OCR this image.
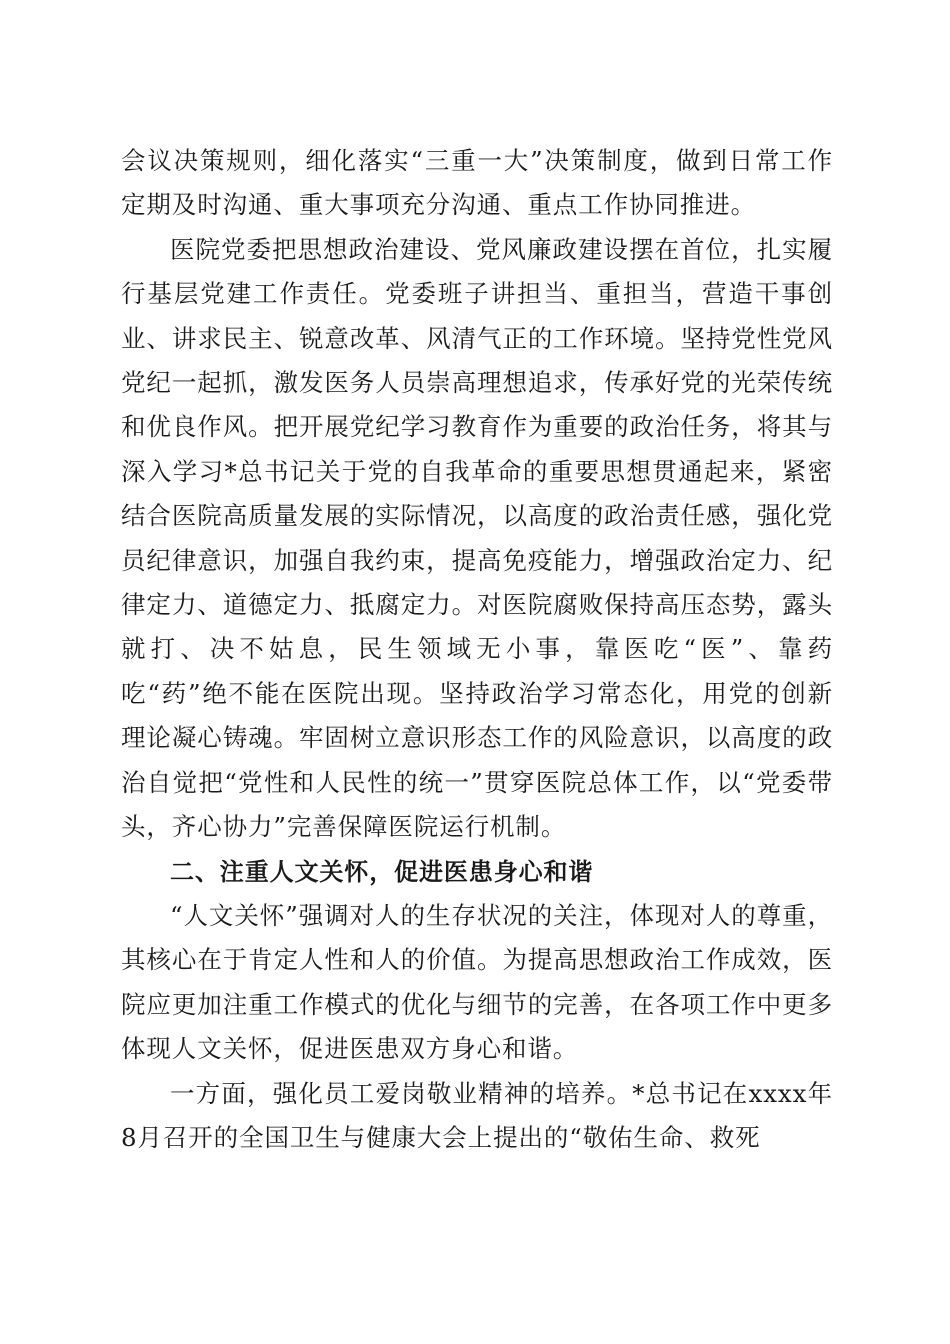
会议决策规则，细化落实“三重一大”决策制度，做到日常工作定期及时沟通、重大事项充分沟通、重点工作协同推进。

医院党委把思想政治建设、党风廉政建设摆在首位，扎实履行基层党建工作责任。党委班子讲担当、重担当，营造干事创业、讲求民主、锐意改革、风清气正的工作环境。坚持党性党风党纪一起抓，激发医务人员崇高理想追求，传承好党的光荣传统和优良作风。把开展党纪学习教育作为重要的政治任务，将其与深入学习*总书记关于党的自我革命的重要思想贯通起来，紧密结合医院高质量发展的实际情况，以高度的政治责任感，强化党员纪律意识，加强自我约束，提高免疫能力，增强政治定力、纪律定力、道德定力、抵腐定力。对医院腐败保持高压态势，露头就打、决不姑息，民生领域无小事，靠医吃“医”、靠药吃“药”绝不能在医院出现。坚持政治学习常态化，用党的创新理论凝心铸魂。牢固树立意识形态工作的风险意识，以高度的政治自觉把“党性和人民性的统一”贯穿医院总体工作，以“党委带头，齐心协力”完善保障医院运行机制。

二、注重人文关怀，促进医患身心和谐

“人文关怀”强调对人的生存状况的关注，体现对人的尊重，其核心在于肯定人性和人的价值。为提高思想政治工作成效，医院应更加注重工作模式的优化与细节的完善，在各项工作中更多体现人文关怀，促进医患双方身心和谐。

一方面，强化员工爱岗敬业精神的培养。*总书记在xxxx年8月召开的全国卫生与健康大会上提出的“敬佑生命、救死
